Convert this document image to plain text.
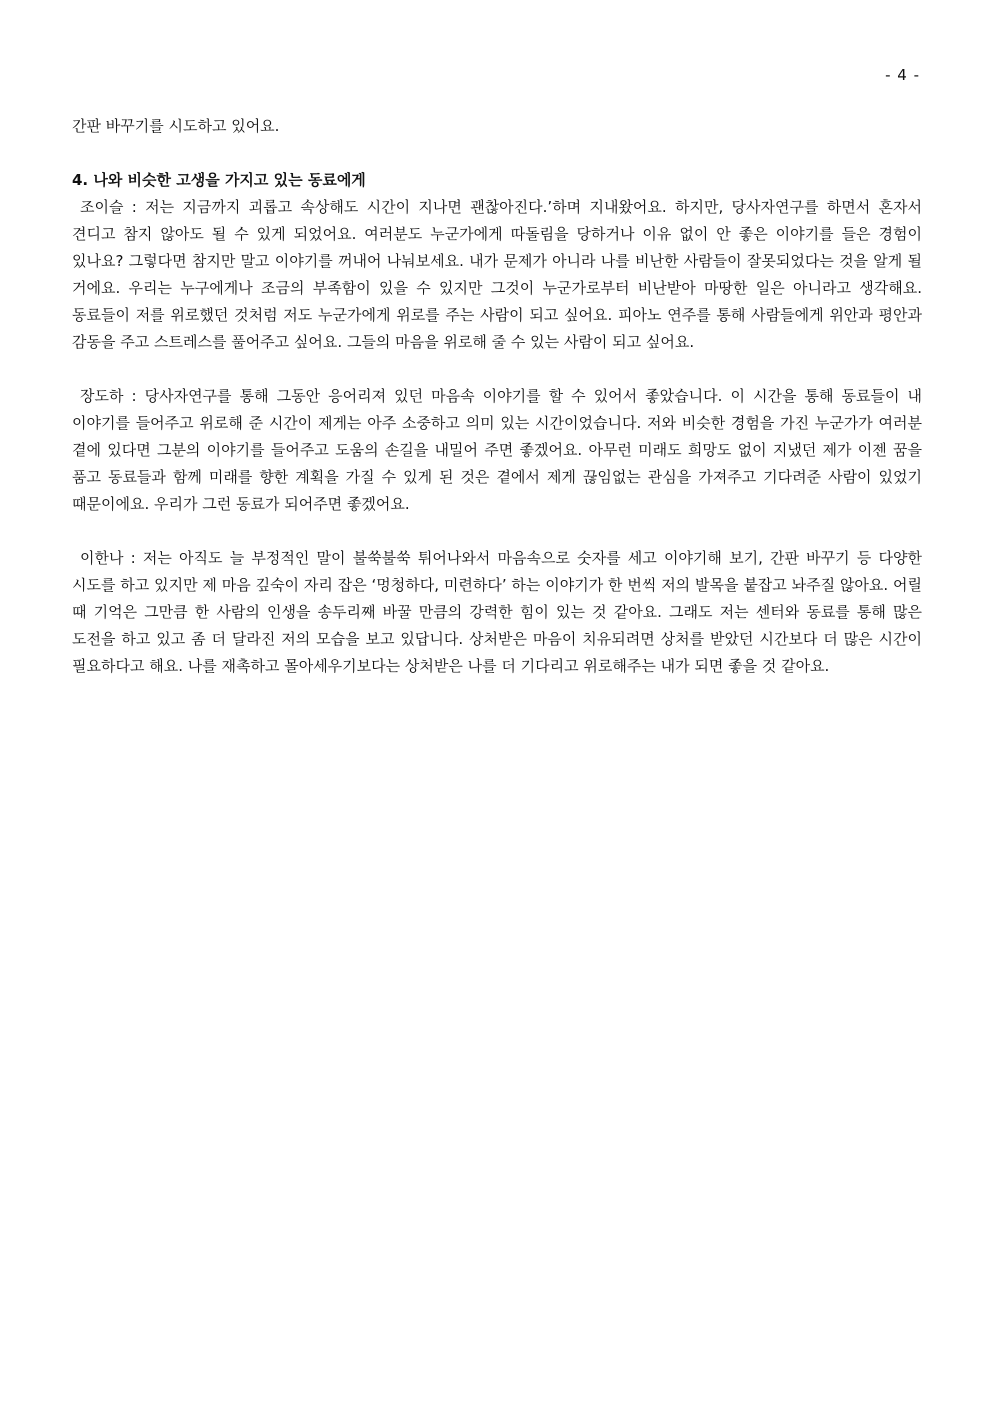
- 4 -

간판 바꾸기를 시도하고 있어요.

4. 나와 비슷한 고생을 가지고 있는 동료에게

조이슬 : 저는 지금까지 괴롭고 속상해도 시간이 지나면 괜찮아진다.’하며 지내왔어요. 하지만, 당사자연구를 하면서 혼자서 견디고 참지 않아도 될 수 있게 되었어요. 여러분도 누군가에게 따돌림을 당하거나 이유 없이 안 좋은 이야기를 들은 경험이 있나요? 그렇다면 참지만 말고 이야기를 꺼내어 나눠보세요. 내가 문제가 아니라 나를 비난한 사람들이 잘못되었다는 것을 알게 될 거에요. 우리는 누구에게나 조금의 부족함이 있을 수 있지만 그것이 누군가로부터 비난받아 마땅한 일은 아니라고 생각해요. 동료들이 저를 위로했던 것처럼 저도 누군가에게 위로를 주는 사람이 되고 싶어요. 피아노 연주를 통해 사람들에게 위안과 평안과 감동을 주고 스트레스를 풀어주고 싶어요. 그들의 마음을 위로해 줄 수 있는 사람이 되고 싶어요.

장도하 : 당사자연구를 통해 그동안 응어리져 있던 마음속 이야기를 할 수 있어서 좋았습니다. 이 시간을 통해 동료들이 내 이야기를 들어주고 위로해 준 시간이 제게는 아주 소중하고 의미 있는 시간이었습니다. 저와 비슷한 경험을 가진 누군가가 여러분 곁에 있다면 그분의 이야기를 들어주고 도움의 손길을 내밀어 주면 좋겠어요. 아무런 미래도 희망도 없이 지냈던 제가 이젠 꿈을 품고 동료들과 함께 미래를 향한 계획을 가질 수 있게 된 것은 곁에서 제게 끊임없는 관심을 가져주고 기다려준 사람이 있었기 때문이에요. 우리가 그런 동료가 되어주면 좋겠어요.

이한나 : 저는 아직도 늘 부정적인 말이 불쑥불쑥 튀어나와서 마음속으로 숫자를 세고 이야기해 보기, 간판 바꾸기 등 다양한 시도를 하고 있지만 제 마음 깊숙이 자리 잡은 ‘멍청하다, 미련하다’ 하는 이야기가 한 번씩 저의 발목을 붙잡고 놔주질 않아요. 어릴 때 기억은 그만큼 한 사람의 인생을 송두리째 바꿀 만큼의 강력한 힘이 있는 것 같아요. 그래도 저는 센터와 동료를 통해 많은 도전을 하고 있고 좀 더 달라진 저의 모습을 보고 있답니다. 상처받은 마음이 치유되려면 상처를 받았던 시간보다 더 많은 시간이 필요하다고 해요. 나를 재촉하고 몰아세우기보다는 상처받은 나를 더 기다리고 위로해주는 내가 되면 좋을 것 같아요.
